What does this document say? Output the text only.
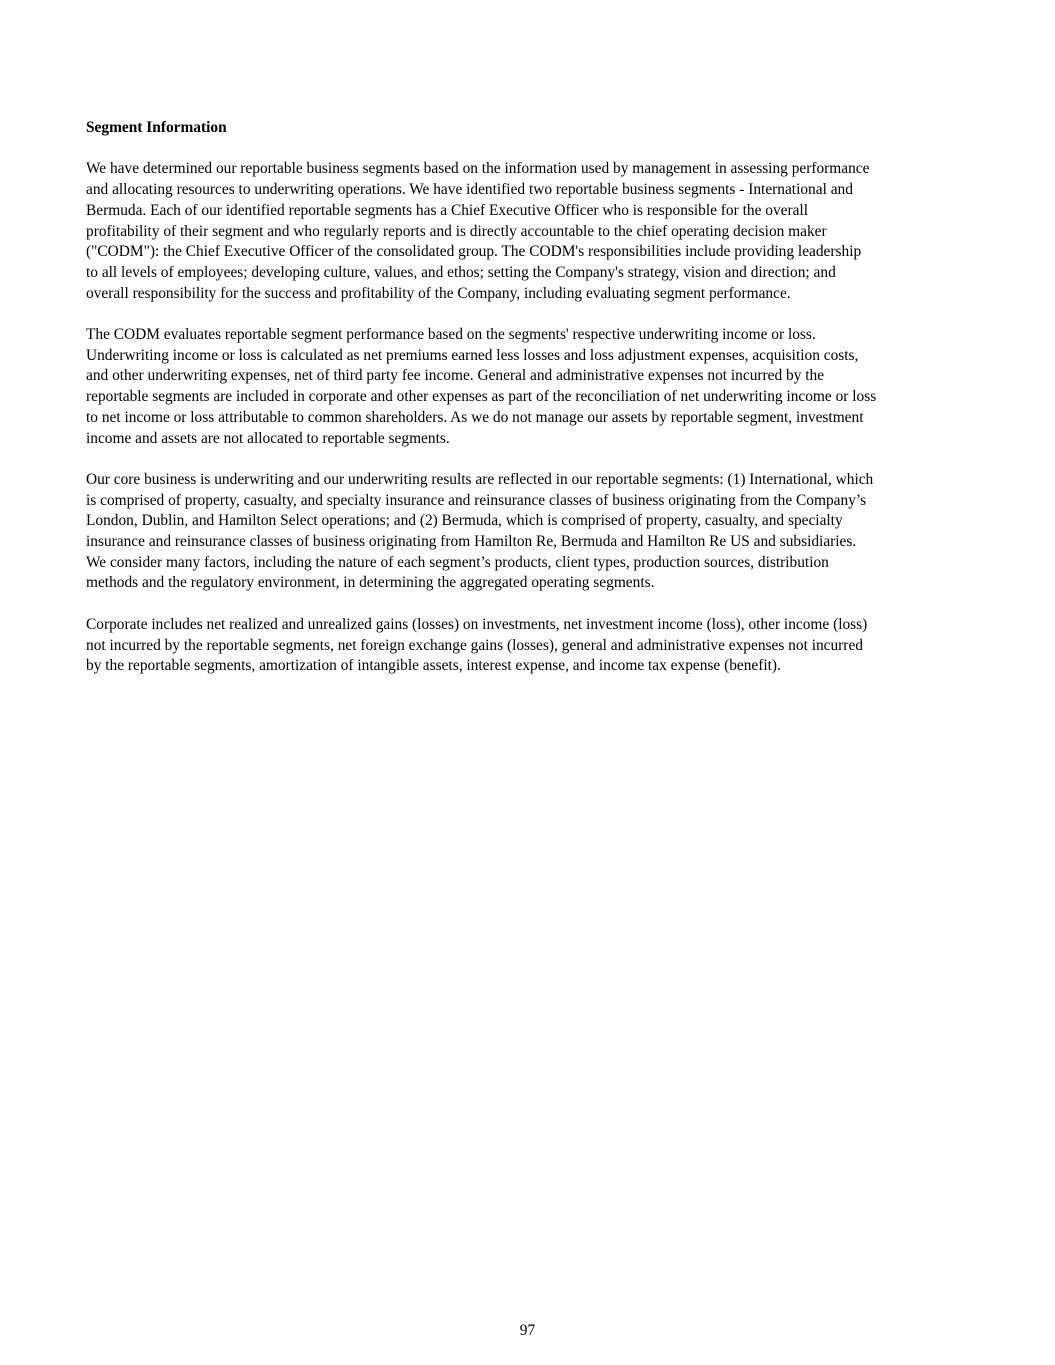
Segment Information
We have determined our reportable business segments based on the information used by management in assessing performance
and allocating resources to underwriting operations. We have identified two reportable business segments - International and
Bermuda. Each of our identified reportable segments has a Chief Executive Officer who is responsible for the overall
profitability of their segment and who regularly reports and is directly accountable to the chief operating decision maker
("CODM"): the Chief Executive Officer of the consolidated group. The CODM's responsibilities include providing leadership
to all levels of employees; developing culture, values, and ethos; setting the Company's strategy, vision and direction; and
overall responsibility for the success and profitability of the Company, including evaluating segment performance.
The CODM evaluates reportable segment performance based on the segments' respective underwriting income or loss.
Underwriting income or loss is calculated as net premiums earned less losses and loss adjustment expenses, acquisition costs,
and other underwriting expenses, net of third party fee income. General and administrative expenses not incurred by the
reportable segments are included in corporate and other expenses as part of the reconciliation of net underwriting income or loss
to net income or loss attributable to common shareholders. As we do not manage our assets by reportable segment, investment
income and assets are not allocated to reportable segments.
Our core business is underwriting and our underwriting results are reflected in our reportable segments: (1) International, which
is comprised of property, casualty, and specialty insurance and reinsurance classes of business originating from the Company’s
London, Dublin, and Hamilton Select operations; and (2) Bermuda, which is comprised of property, casualty, and specialty
insurance and reinsurance classes of business originating from Hamilton Re, Bermuda and Hamilton Re US and subsidiaries.
We consider many factors, including the nature of each segment’s products, client types, production sources, distribution
methods and the regulatory environment, in determining the aggregated operating segments.
Corporate includes net realized and unrealized gains (losses) on investments, net investment income (loss), other income (loss)
not incurred by the reportable segments, net foreign exchange gains (losses), general and administrative expenses not incurred
by the reportable segments, amortization of intangible assets, interest expense, and income tax expense (benefit).
97
